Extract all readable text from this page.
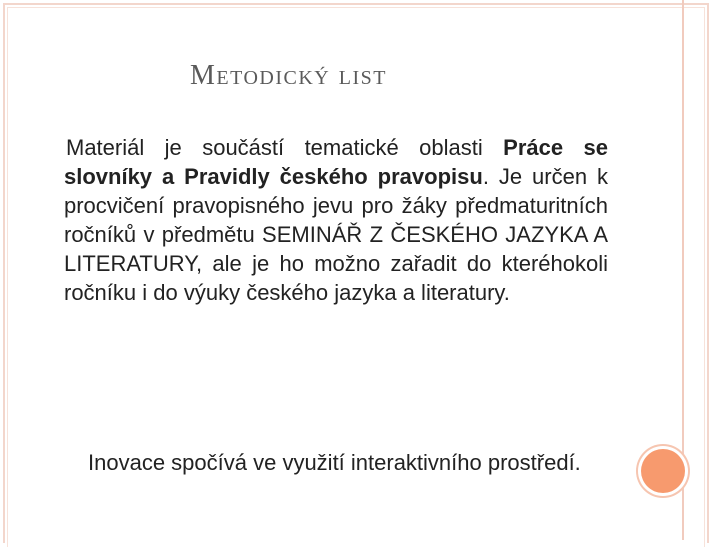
Metodický list
Materiál je součástí tematické oblasti Práce se slovníky a Pravidly českého pravopisu. Je určen k procvičení pravopisného jevu pro žáky předmaturitních ročníků v předmětu SEMINÁŘ Z ČESKÉHO JAZYKA A LITERATURY, ale je ho možno zařadit do kteréhokoli ročníku i do výuky českého jazyka a literatury.
Inovace spočívá ve využití interaktivního prostředí.
